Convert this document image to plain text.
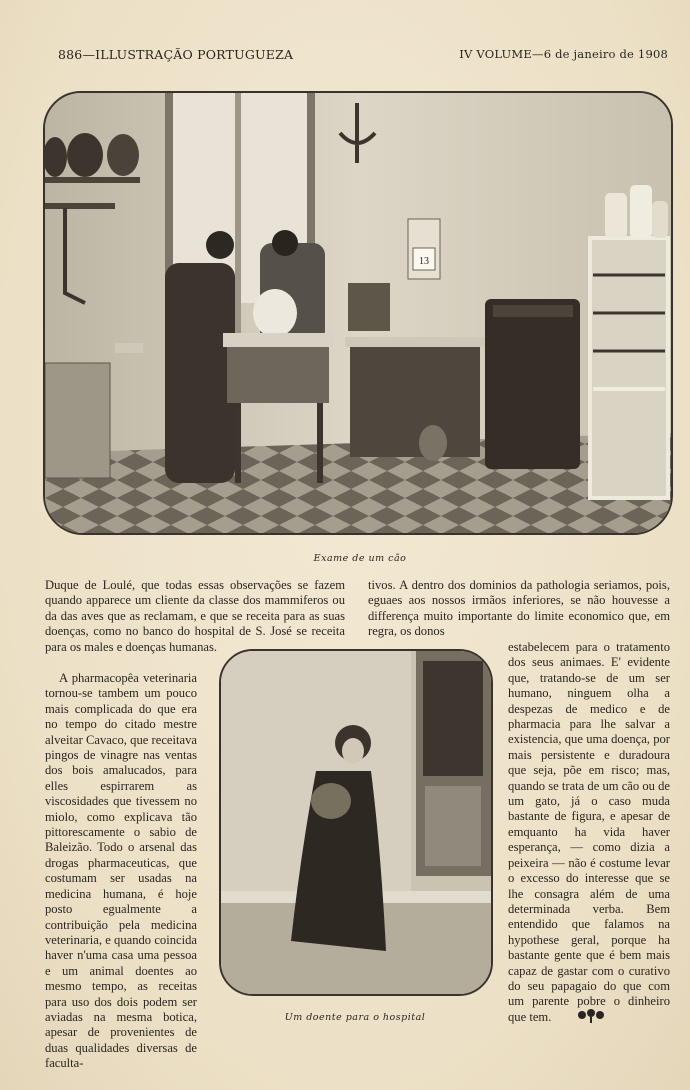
886—ILLUSTRAÇÃO PORTUGUEZA	IV VOLUME—6 de janeiro de 1908
13
Exame de um cão

Duque de Loulé, que todas essas observações se fazem quando apparece um cliente da classe dos mammiferos ou da das aves que as reclamam, e que se receita para as suas doenças, como no banco do hospital de S. José se receita para os males e doenças humanas.

A pharmacopêa veterinaria tornou-se tambem um pouco mais complicada do que era no tempo do citado mestre alveitar Cavaco, que receitava pingos de vinagre nas ventas dos bois amalucados, para elles espirrarem as viscosidades que tivessem no miolo, como explicava tão pittorescamente o sabio de Baleizão. Todo o arsenal das drogas pharmaceuticas, que costumam ser usadas na medicina humana, é hoje posto egualmente a contribuição pela medicina veterinaria, e quando coincida haver n'uma casa uma pessoa e um animal doentes ao mesmo tempo, as receitas para uso dos dois podem ser aviadas na mesma botica, apesar de provenientes de duas qualidades diversas de faculta-

Um doente para o hospital

tivos. A dentro dos dominios da pathologia seriamos, pois, eguaes aos nossos irmãos inferiores, se não houvesse a differença muito importante do limite economico que, em regra, os donos

estabelecem para o tratamento dos seus animaes. E' evidente que, tratando-se de um ser humano, ninguem olha a despezas de medico e de pharmacia para lhe salvar a existencia, que uma doença, por mais persistente e duradoura que seja, põe em risco; mas, quando se trata de um cão ou de um gato, já o caso muda bastante de figura, e apesar de emquanto ha vida haver esperança, — como dizia a peixeira — não é costume levar o excesso do interesse que se lhe consagra além de uma determinada verba. Bem entendido que falamos na hypothese geral, porque ha bastante gente que é bem mais capaz de gastar com o curativo do seu papagaio do que com um parente pobre o dinheiro que tem.
